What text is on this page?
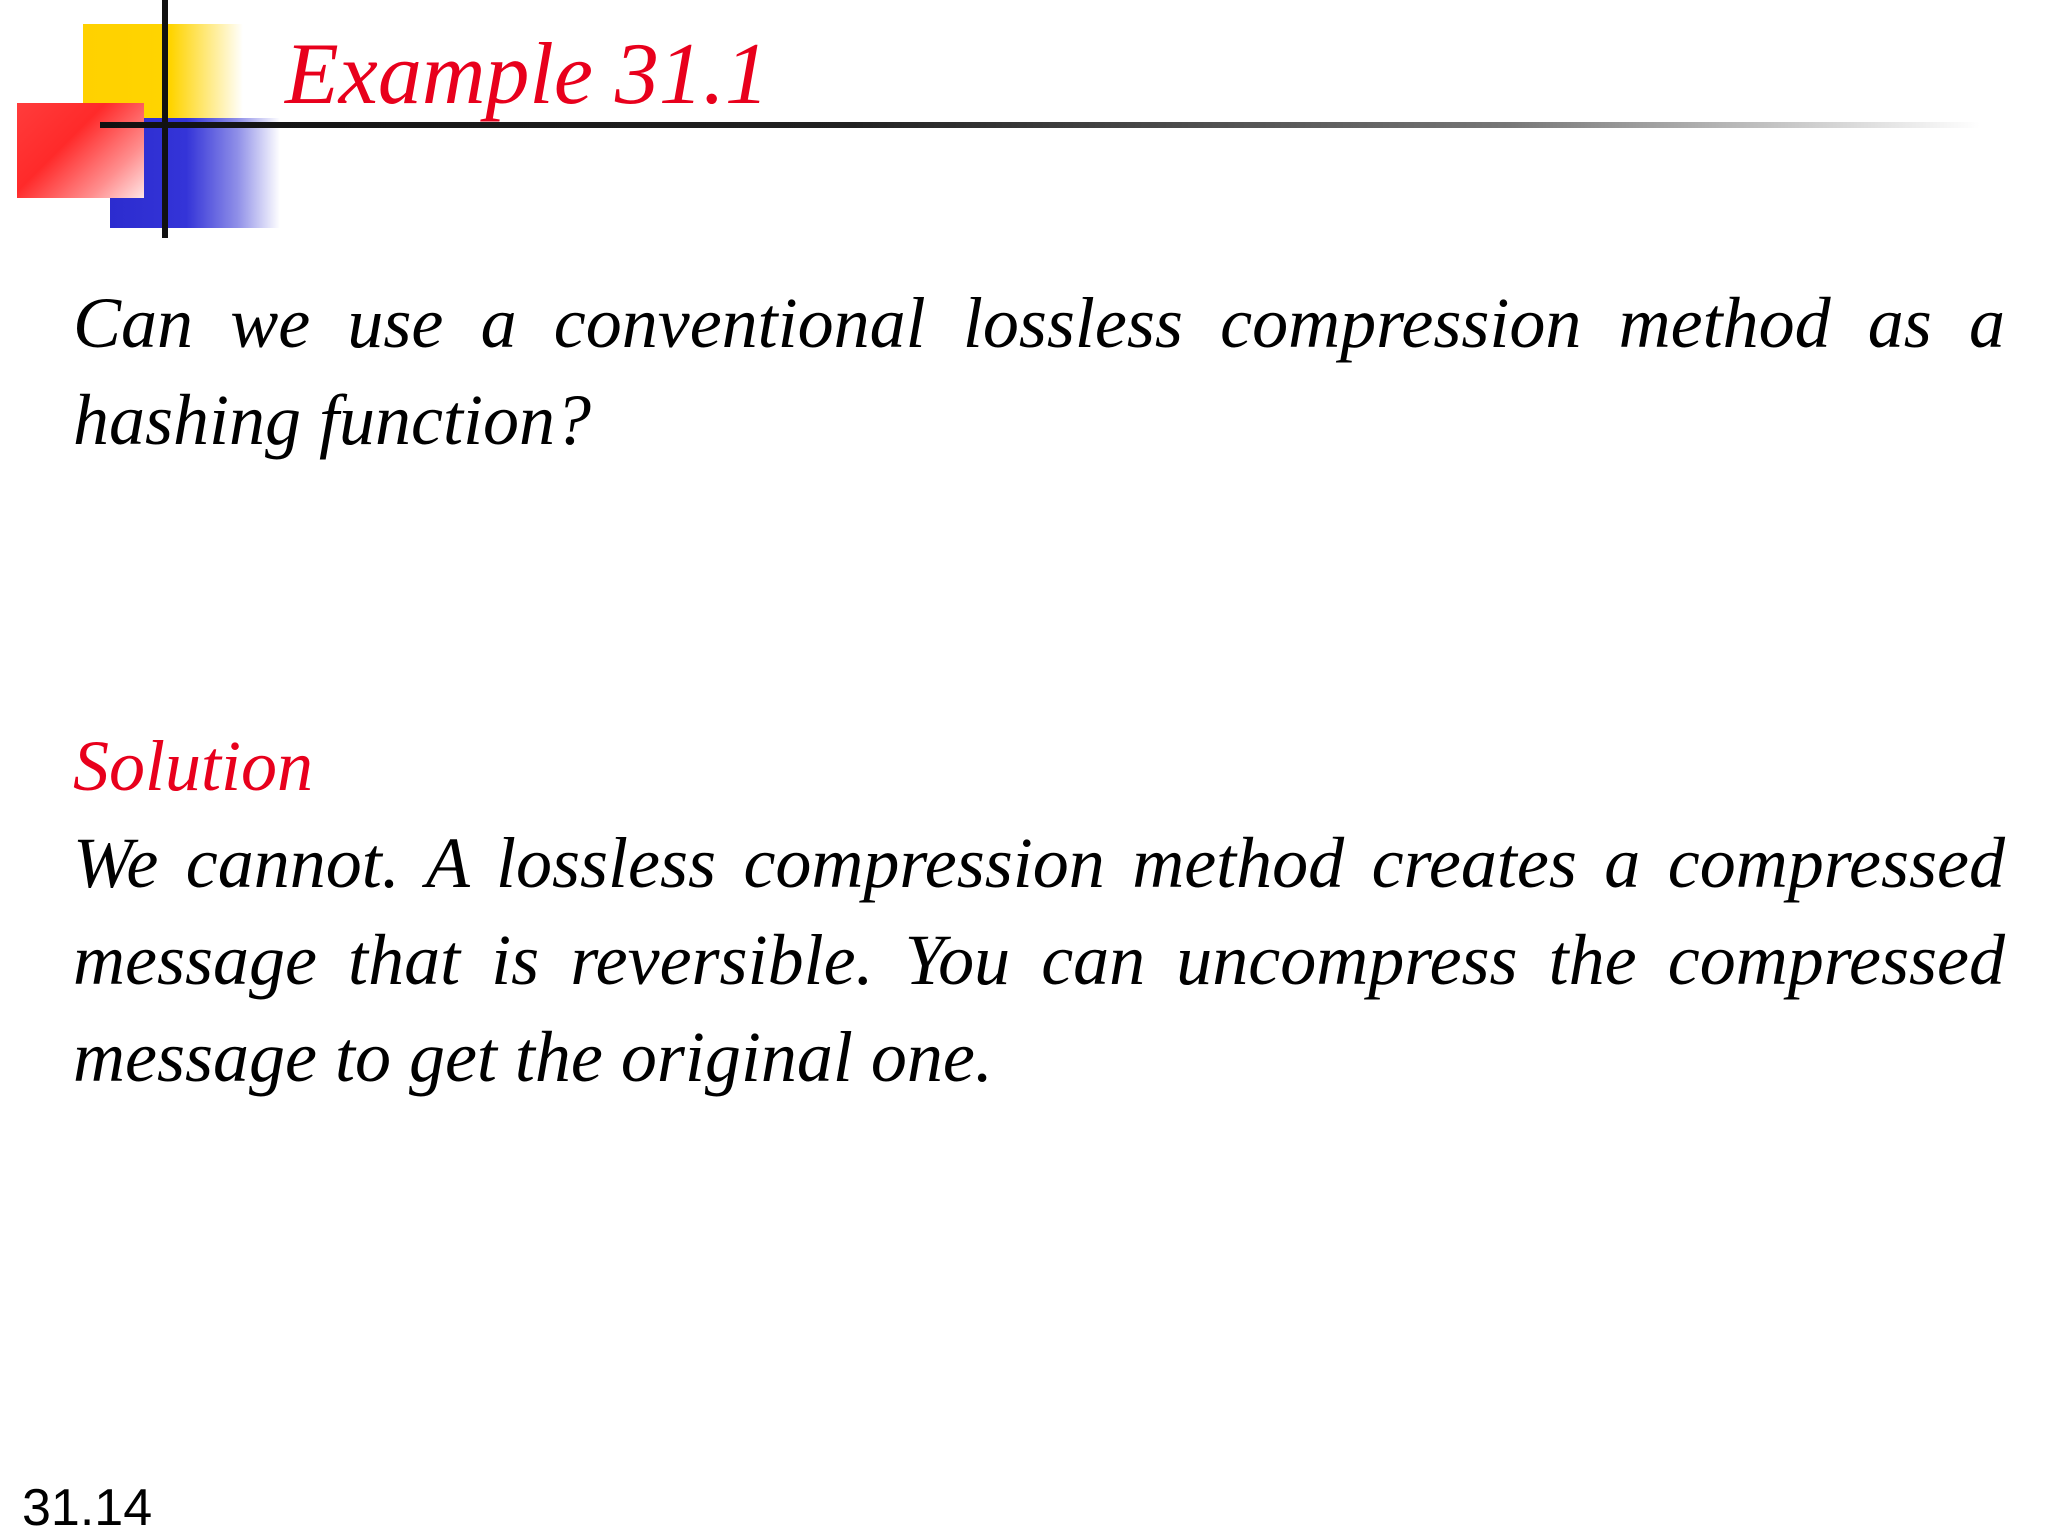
Example 31.1

Can we use a conventional lossless compression method as a hashing function?

Solution

We cannot. A lossless compression method creates a compressed message that is reversible. You can uncompress the compressed message to get the original one.

31.14
